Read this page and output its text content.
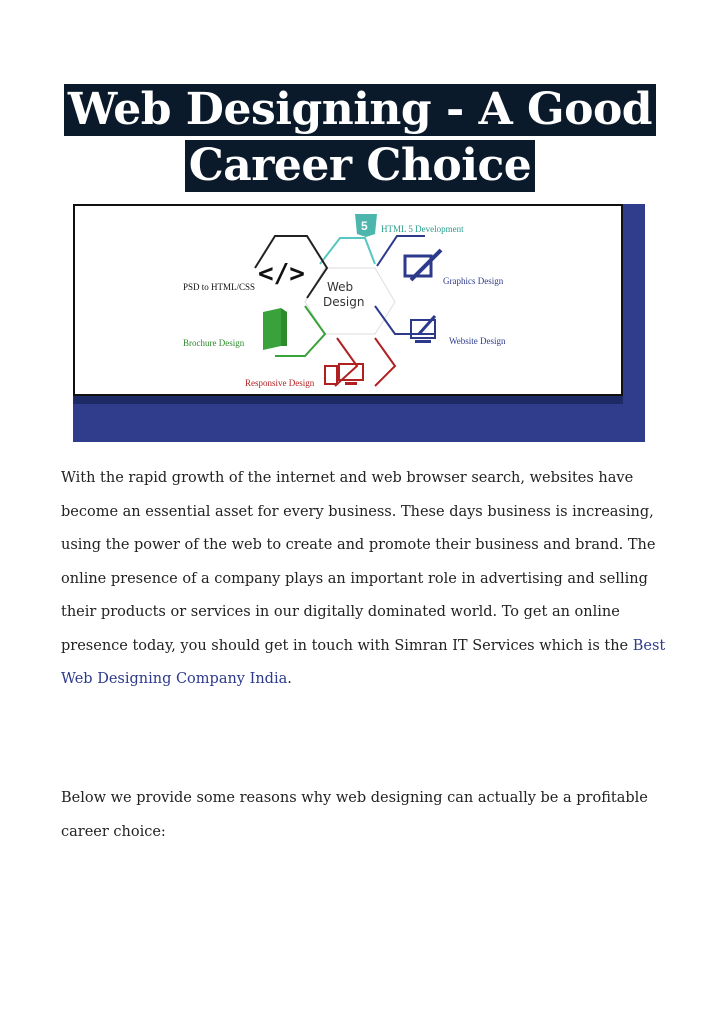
Web Designing - A Good
Career Choice
5
</> Web
Design
HTML 5 Development
Graphics Design
PSD to HTML/CSS
Website Design
Brochure Design
Responsive Design
With the rapid growth of the internet and web browser search, websites have
become an essential asset for every business. These days business is increasing,
using the power of the web to create and promote their business and brand. The
online presence of a company plays an important role in advertising and selling
their products or services in our digitally dominated world. To get an online
presence today, you should get in touch with Simran IT Services which is the Best
Web Designing Company India.
Below we provide some reasons why web designing can actually be a profitable
career choice:
